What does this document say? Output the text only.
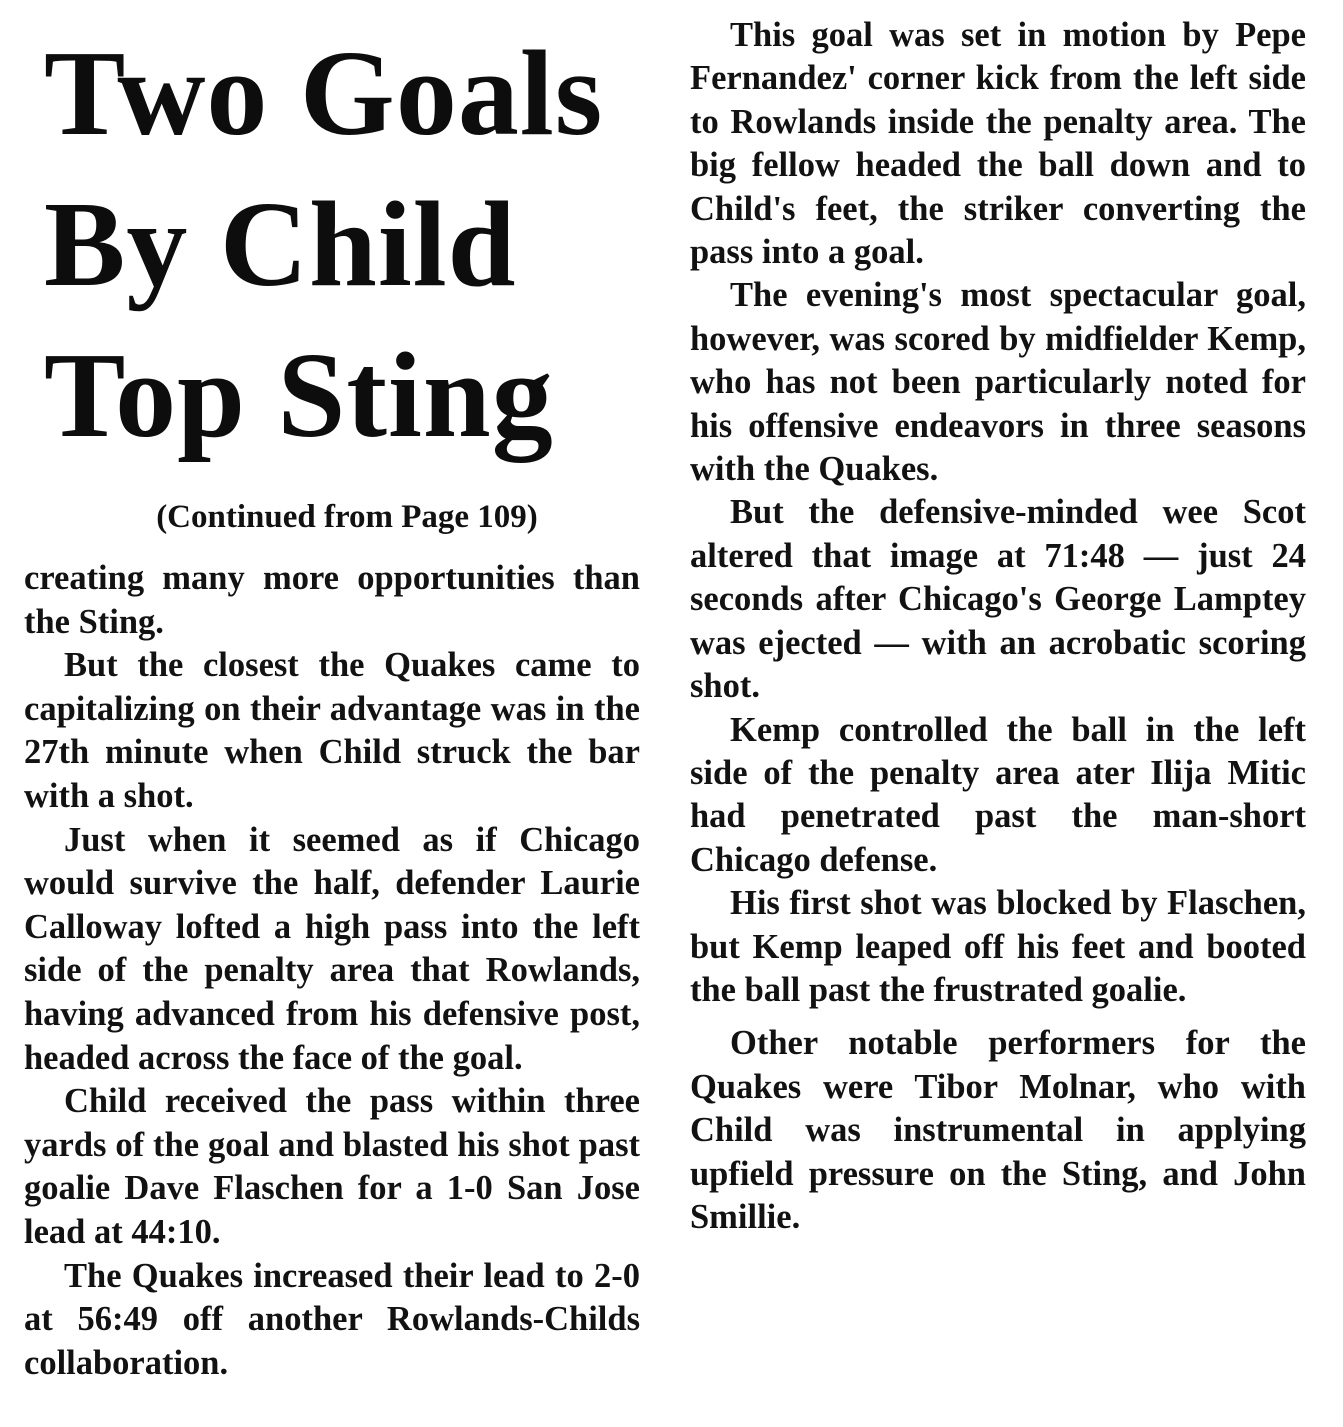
Two Goals
By Child
Top Sting
(Continued from Page 109)

creating many more opportunities than the Sting.

But the closest the Quakes came to capitalizing on their advantage was in the 27th minute when Child struck the bar with a shot.

Just when it seemed as if Chicago would survive the half, defender Laurie Calloway lofted a high pass into the left side of the penalty area that Rowlands, having advanced from his defensive post, headed across the face of the goal.

Child received the pass within three yards of the goal and blasted his shot past goalie Dave Flaschen for a 1-0 San Jose lead at 44:10.

The Quakes increased their lead to 2-0 at 56:49 off another Rowlands-Childs collaboration.

This goal was set in motion by Pepe Fernandez' corner kick from the left side to Rowlands inside the penalty area. The big fellow headed the ball down and to Child's feet, the striker converting the pass into a goal.

The evening's most spectacular goal, however, was scored by midfielder Kemp, who has not been particularly noted for his offensive endeavors in three seasons with the Quakes.

But the defensive-minded wee Scot altered that image at 71:48 — just 24 seconds after Chicago's George Lamptey was ejected — with an acrobatic scoring shot.

Kemp controlled the ball in the left side of the penalty area ater Ilija Mitic had penetrated past the man-short Chicago defense.

His first shot was blocked by Flaschen, but Kemp leaped off his feet and booted the ball past the frustrated goalie.

Other notable performers for the Quakes were Tibor Molnar, who with Child was instrumental in applying upfield pressure on the Sting, and John Smillie.
